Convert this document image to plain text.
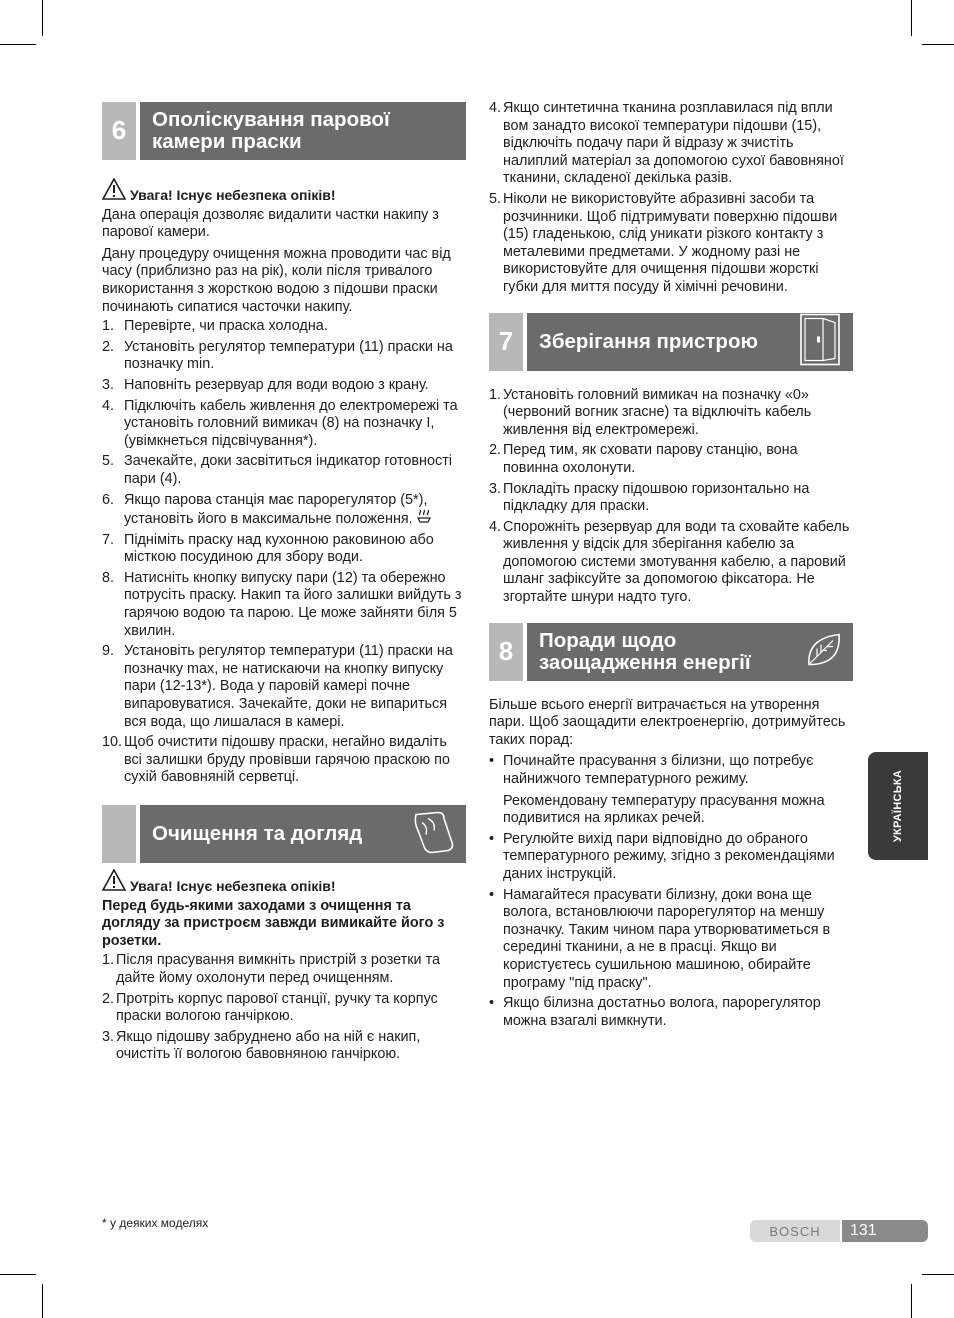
6	Ополіскування парової камери праски
Увага! Існує небезпека опіків!

Дана операція дозволяє видалити частки накипу з парової камери.

Дану процедуру очищення можна проводити час від часу (приблизно раз на рік), коли після тривалого використання з жорсткою водою з підошви праски починають сипатися часточки накипу.

1. Перевірте, чи праска холодна.
2. Установіть регулятор температури (11) праски на позначку min.
3. Наповніть резервуар для води водою з крану.
4. Підключіть кабель живлення до електромережі та установіть головний вимикач (8) на позначку I, (увімкнеться підсвічування*).
5. Зачекайте, доки засвітиться індикатор готовності пари (4).
6. Якщо парова станція має парорегулятор (5*), установіть його в максимальне положення.
7. Підніміть праску над кухонною раковиною або місткою посудиною для збору води.
8. Натисніть кнопку випуску пари (12) та обережно потрусіть праску. Накип та його залишки вийдуть з гарячою водою та парою. Це може зайняти біля 5 хвилин.
9. Установіть регулятор температури (11) праски на позначку max, не натискаючи на кнопку випуску пари (12-13*). Вода у паровій камері почне випаровуватися. Зачекайте, доки не випариться вся вода, що лишалася в камері.
10. Щоб очистити підошву праски, негайно видаліть всі залишки бруду провівши гарячою праскою по сухій бавовняній серветці.
Очищення та догляд
Увага! Існує небезпека опіків!

Перед будь-якими заходами з очищення та догляду за пристроєм завжди вимикайте його з розетки.

1. Після прасування вимкніть пристрій з розетки та дайте йому охолонути перед очищенням.
2. Протріть корпус парової станції, ручку та корпус праски вологою ганчіркою.
3. Якщо підошву забруднено або на ній є накип, очистіть її вологою бавовняною ганчіркою.
4. Якщо синтетична тканина розплавилася під впли вом занадто високої температури підошви (15), відключіть подачу пари й відразу ж зчистіть налиплий матеріал за допомогою сухої бавовняної тканини, складеної декілька разів.
5. Ніколи не використовуйте абразивні засоби та розчинники. Щоб підтримувати поверхню підошви (15) гладенькою, слід уникати різкого контакту з металевими предметами. У жодному разі не використовуйте для очищення підошви жорсткі губки для миття посуду й хімічні речовини.
7	Зберігання пристрою
1. Установіть головний вимикач на позначку «0» (червоний вогник згасне) та відключіть кабель живлення від електромережі.
2. Перед тим, як сховати парову станцію, вона повинна охолонути.
3. Покладіть праску підошвою горизонтально на підкладку для праски.
4. Спорожніть резервуар для води та сховайте кабель живлення у відсік для зберігання кабелю за допомогою системи змотування кабелю, а паровий шланг зафіксуйте за допомогою фіксатора. Не згортайте шнури надто туго.
8	Поради щодо заощадження енергії

Більше всього енергії витрачається на утворення пари. Щоб заощадити електроенергію, дотримуйтесь таких порад:

• Починайте прасування з білизни, що потребує найнижчого температурного режиму.
Рекомендовану температуру прасування можна подивитися на ярликах речей.
• Регулюйте вихід пари відповідно до обраного температурного режиму, згідно з рекомендаціями даних інструкцій.
• Намагайтеся прасувати білизну, доки вона ще волога, встановлюючи парорегулятор на меншу позначку. Таким чином пара утворюватиметься в середині тканини, а не в прасці. Якщо ви користуєтесь сушильною машиною, обирайте програму "під праску".
• Якщо білизна достатньо волога, парорегулятор можна взагалі вимкнути.
УКРАЇНСЬКА
* у деяких моделях
BOSCH	131
